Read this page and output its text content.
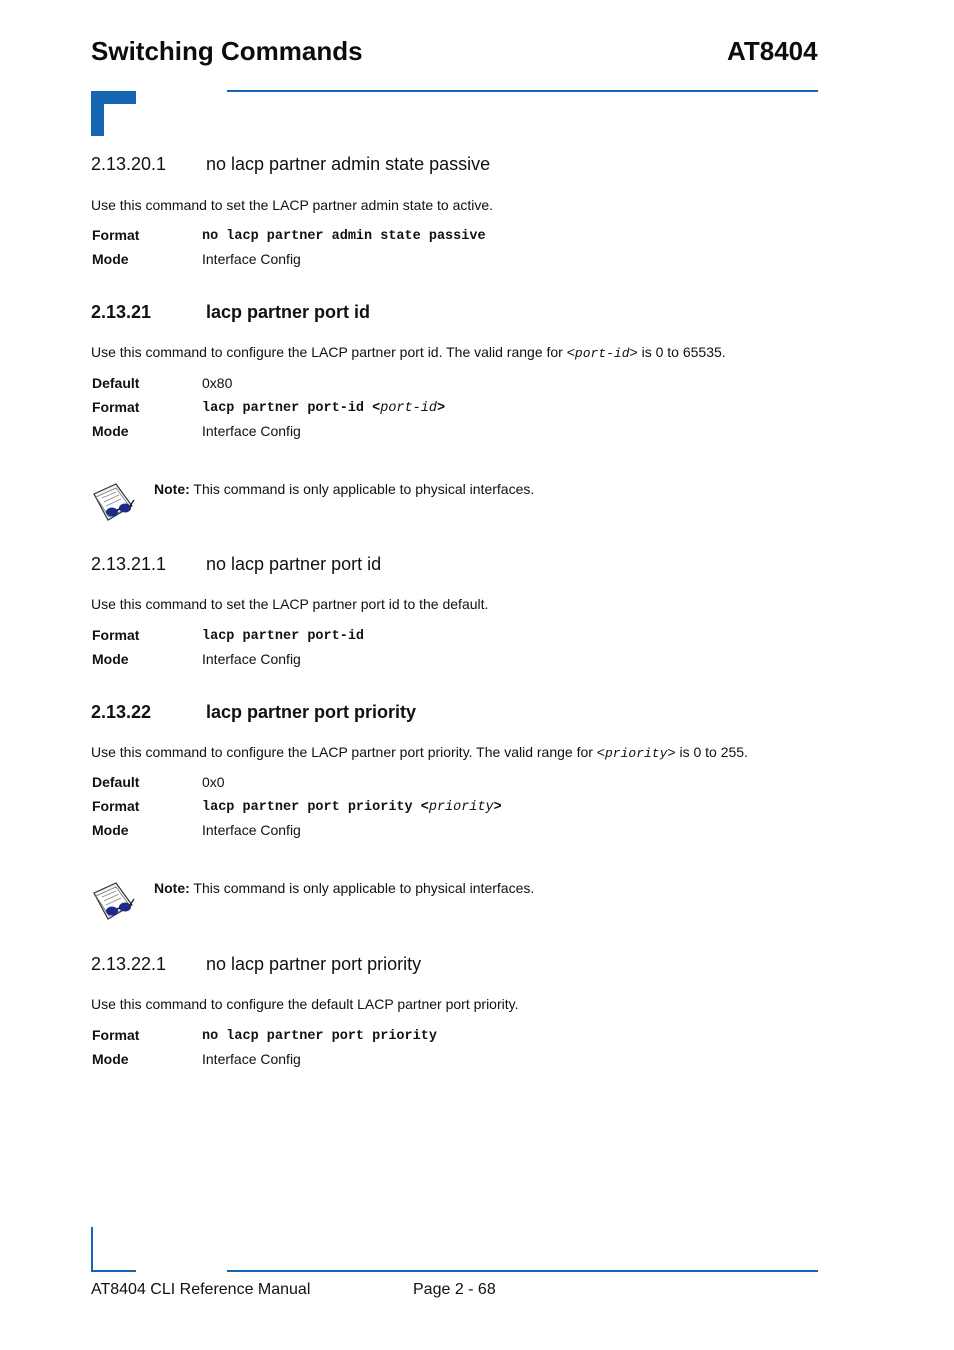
Switching Commands	AT8404
2.13.20.1 no lacp partner admin state passive
Use this command to set the LACP partner admin state to active.
Format	no lacp partner admin state passive
Mode	Interface Config
2.13.21	lacp partner port id
Use this command to configure the LACP partner port id. The valid range for <port-id> is 0 to 65535.
Default	0x80
Format	lacp partner port-id <port-id>
Mode	Interface Config
Note: This command is only applicable to physical interfaces.
2.13.21.1 no lacp partner port id
Use this command to set the LACP partner port id to the default.
Format	lacp partner port-id
Mode	Interface Config
2.13.22	lacp partner port priority
Use this command to configure the LACP partner port priority. The valid range for <priority> is 0 to 255.
Default	0x0
Format	lacp partner port priority <priority>
Mode	Interface Config
Note: This command is only applicable to physical interfaces.
2.13.22.1 no lacp partner port priority
Use this command to configure the default LACP partner port priority.
Format	no lacp partner port priority
Mode	Interface Config
AT8404 CLI Reference Manual	Page 2 - 68
